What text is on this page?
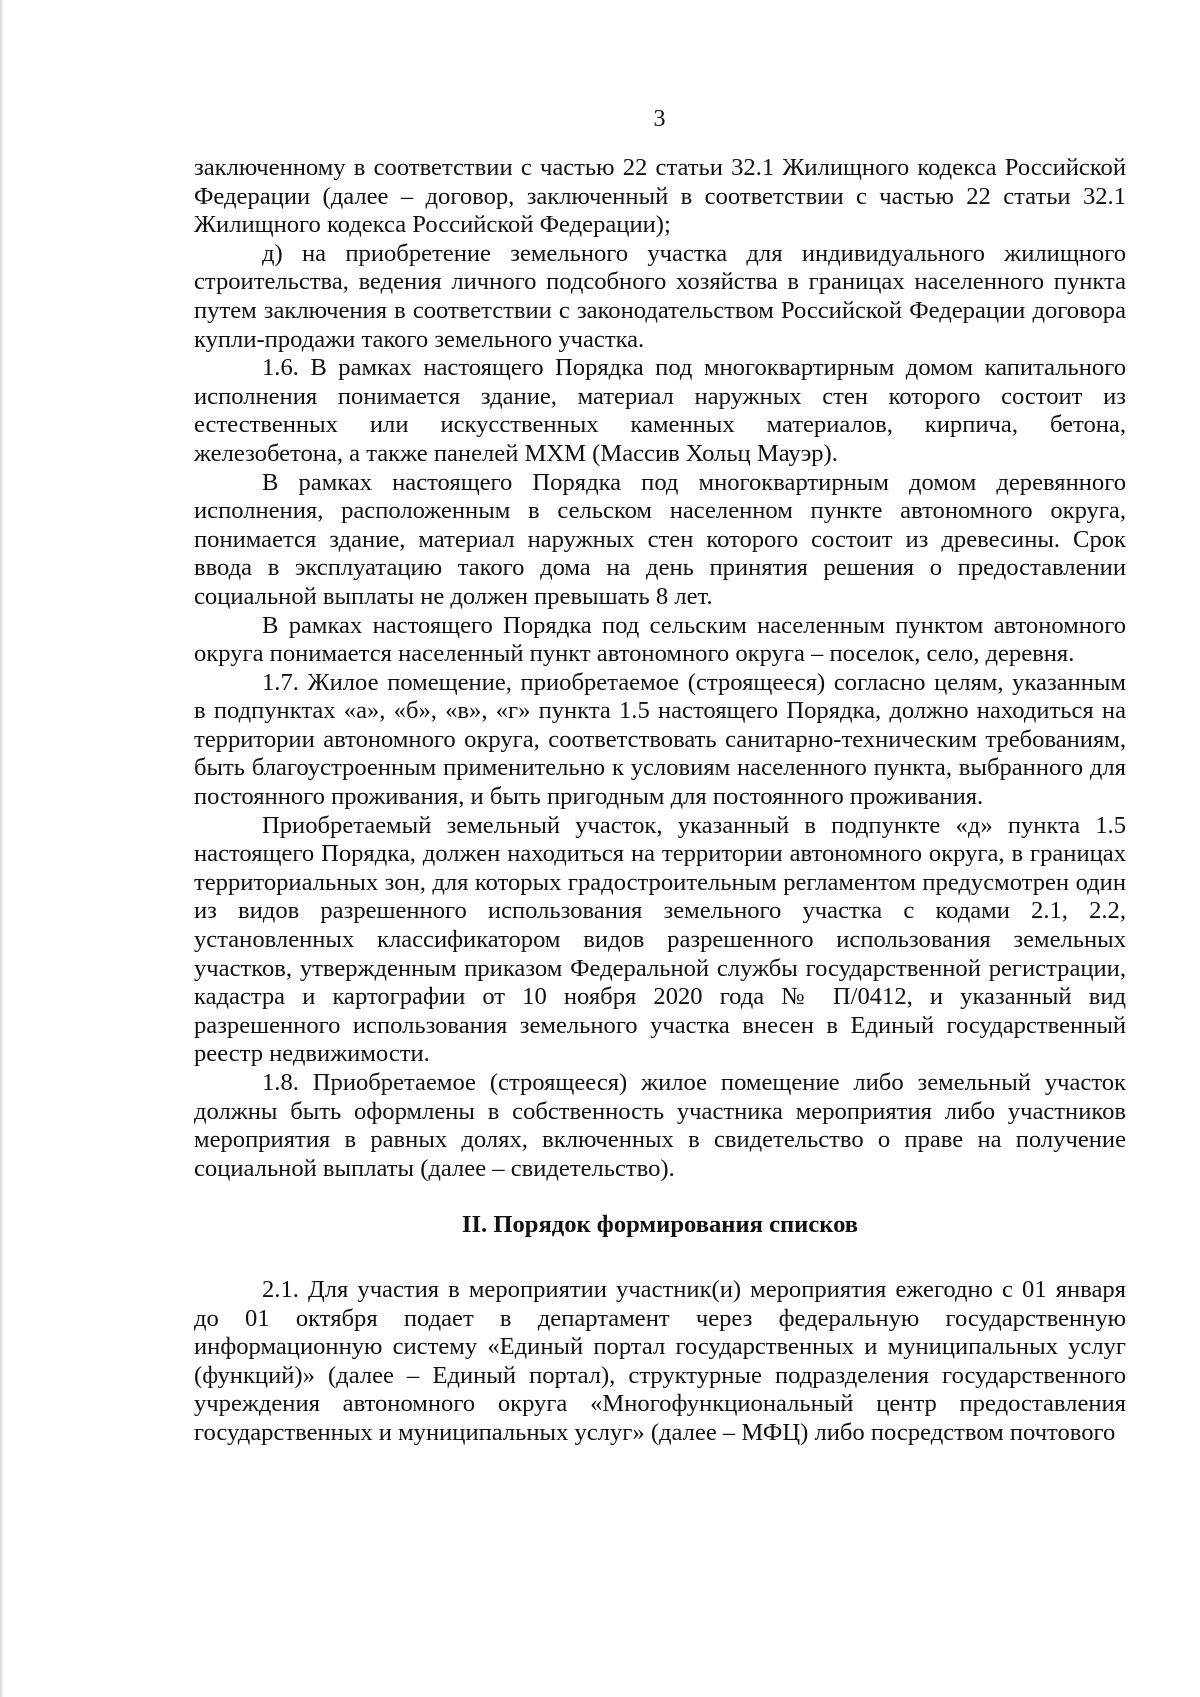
3

заключенному в соответствии с частью 22 статьи 32.1 Жилищного кодекса Российской Федерации (далее – договор, заключенный в соответствии с частью 22 статьи 32.1 Жилищного кодекса Российской Федерации);

д) на приобретение земельного участка для индивидуального жилищного строительства, ведения личного подсобного хозяйства в границах населенного пункта путем заключения в соответствии с законодательством Российской Федерации договора купли-продажи такого земельного участка.

1.6. В рамках настоящего Порядка под многоквартирным домом капитального исполнения понимается здание, материал наружных стен которого состоит из естественных или искусственных каменных материалов, кирпича, бетона, железобетона, а также панелей МХМ (Массив Хольц Мауэр).

В рамках настоящего Порядка под многоквартирным домом деревянного исполнения, расположенным в сельском населенном пункте автономного округа, понимается здание, материал наружных стен которого состоит из древесины. Срок ввода в эксплуатацию такого дома на день принятия решения о предоставлении социальной выплаты не должен превышать 8 лет.

В рамках настоящего Порядка под сельским населенным пунктом автономного округа понимается населенный пункт автономного округа – поселок, село, деревня.

1.7. Жилое помещение, приобретаемое (строящееся) согласно целям, указанным в подпунктах «а», «б», «в», «г» пункта 1.5 настоящего Порядка, должно находиться на территории автономного округа, соответствовать санитарно-техническим требованиям, быть благоустроенным применительно к условиям населенного пункта, выбранного для постоянного проживания, и быть пригодным для постоянного проживания.

Приобретаемый земельный участок, указанный в подпункте «д» пункта 1.5 настоящего Порядка, должен находиться на территории автономного округа, в границах территориальных зон, для которых градостроительным регламентом предусмотрен один из видов разрешенного использования земельного участка с кодами 2.1, 2.2, установленных классификатором видов разрешенного использования земельных участков, утвержденным приказом Федеральной службы государственной регистрации, кадастра и картографии от 10 ноября 2020 года № П/0412, и указанный вид разрешенного использования земельного участка внесен в Единый государственный реестр недвижимости.

1.8. Приобретаемое (строящееся) жилое помещение либо земельный участок должны быть оформлены в собственность участника мероприятия либо участников мероприятия в равных долях, включенных в свидетельство о праве на получение социальной выплаты (далее – свидетельство).

II. Порядок формирования списков

2.1. Для участия в мероприятии участник(и) мероприятия ежегодно с 01 января до 01 октября подает в департамент через федеральную государственную информационную систему «Единый портал государственных и муниципальных услуг (функций)» (далее – Единый портал), структурные подразделения государственного учреждения автономного округа «Многофункциональный центр предоставления государственных и муниципальных услуг» (далее – МФЦ) либо посредством почтового
